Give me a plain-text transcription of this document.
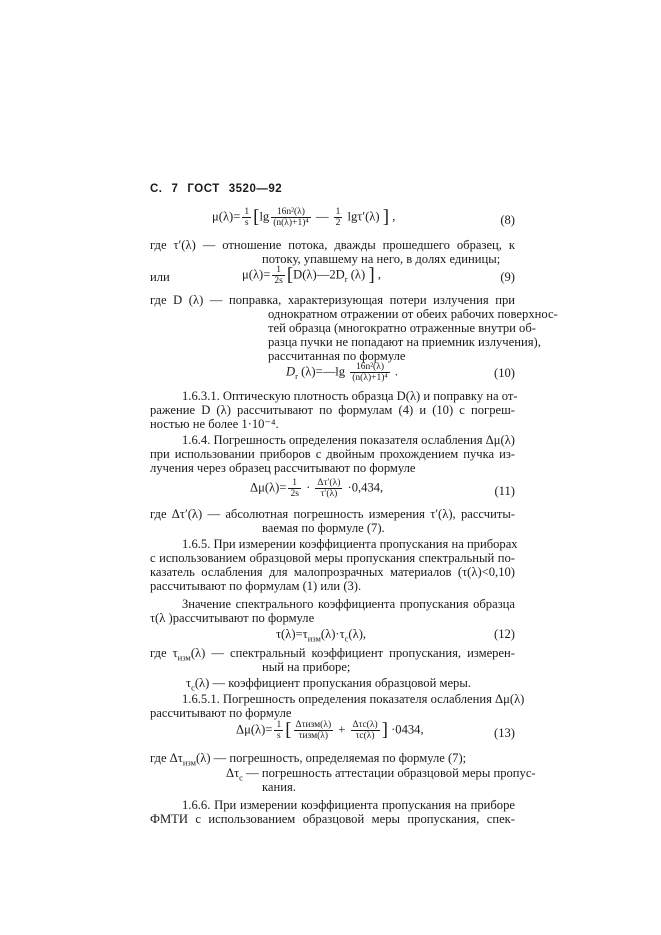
С. 7 ГОСТ 3520—92
$\mu(\lambda)= \frac{1}{s} [\lg \frac{\text{16n²(λ)}}{\text{(n(λ)+1)⁴}}$ — $\frac{1}{2} \lg\tau'(\lambda)$ ] ,	(8)
где τ′(λ) — отношение потока, дважды прошедшего образец, к
потоку, упавшему на него, в долях единицы;
или	$\mu(\lambda)= \frac{1}{2s}$ [$D(\lambda)—2D_r$ (λ) ] ,	(9)
где D (λ) — поправка, характеризующая потери излучения при
однократном отражении от обеих рабочих поверхнос-
тей образца (многократно отраженные внутри об-
разца пучки не попадают на приемник излучения),
рассчитанная по формуле
$D_r$ (λ)=—lg $\frac{\text{16n²(λ)}}{\text{(n(λ)+1)⁴}}$ .	(10)
1.6.3.1. Оптическую плотность образца D(λ) и поправку на от-
ражение D (λ) рассчитывают по формулам (4) и (10) с погреш-
ностью не более 1·10⁻⁴.
1.6.4. Погрешность определения показателя ослабления Δμ(λ)
при использовании приборов с двойным прохождением пучка из-
лучения через образец рассчитывают по формуле
$\Delta\mu(\lambda)= \frac{1}{2s} \cdot \frac{\Delta\tau'(\lambda)}{\tau'(\lambda)} \cdot 0,434$,	(11)
где Δτ′(λ) — абсолютная погрешность измерения τ′(λ), рассчиты-
ваемая по формуле (7).
1.6.5. При измерении коэффициента пропускания на приборах
с использованием образцовой меры пропускания спектральный по-
казатель ослабления для малопрозрачных материалов (τ(λ)<0,10)
рассчитывают по формулам (1) или (3).
Значение спектрального коэффициента пропускания образца
τ(λ )рассчитывают по формуле
$\tau(\lambda)=\tau_{изм}(\lambda)\cdot\tau_с(\lambda)$,	(12)
где $\tau_{изм}(\lambda)$ — спектральный коэффициент пропускания, измерен-
ный на приборе;
$\tau_с(\lambda)$ — коэффициент пропускания образцовой меры.
1.6.5.1. Погрешность определения показателя ослабления Δμ(λ)
рассчитывают по формуле
$\Delta\mu(\lambda)= \frac{1}{s}$ [ $\frac{\text{Δτизм(λ)}}{\text{τизм(λ)}} + \frac{\text{Δτс(λ)}}{\tau с(\lambda)}$ ] ·0434,	(13)
где $\Delta\tau_{изм}(\lambda)$ — погрешность, определяемая по формуле (7);
$\Delta\tau_с$ — погрешность аттестации образцовой меры пропус-
кания.
1.6.6. При измерении коэффициента пропускания на приборе
ФМТИ с использованием образцовой меры пропускания, спек-
